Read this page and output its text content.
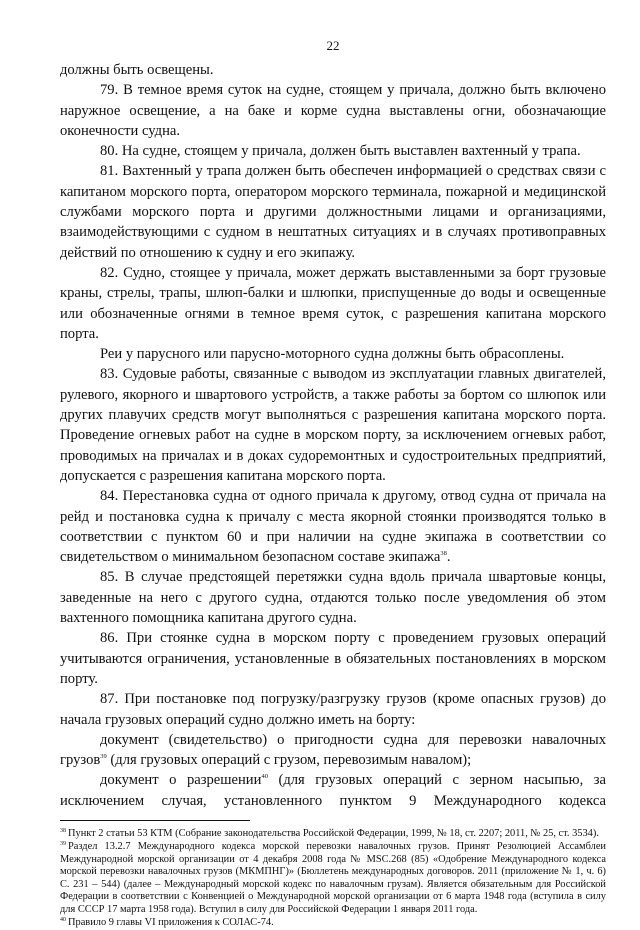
22

должны быть освещены.

79. В темное время суток на судне, стоящем у причала, должно быть включено наружное освещение, а на баке и корме судна выставлены огни, обозначающие оконечности судна.

80. На судне, стоящем у причала, должен быть выставлен вахтенный у трапа.

81. Вахтенный у трапа должен быть обеспечен информацией о средствах связи с капитаном морского порта, оператором морского терминала, пожарной и медицинской службами морского порта и другими должностными лицами и организациями, взаимодействующими с судном в нештатных ситуациях и в случаях противоправных действий по отношению к судну и его экипажу.

82. Судно, стоящее у причала, может держать выставленными за борт грузовые краны, стрелы, трапы, шлюп-балки и шлюпки, приспущенные до воды и освещенные или обозначенные огнями в темное время суток, с разрешения капитана морского порта.

Реи у парусного или парусно-моторного судна должны быть обрасоплены.

83. Судовые работы, связанные с выводом из эксплуатации главных двигателей, рулевого, якорного и швартового устройств, а также работы за бортом со шлюпок или других плавучих средств могут выполняться с разрешения капитана морского порта. Проведение огневых работ на судне в морском порту, за исключением огневых работ, проводимых на причалах и в доках судоремонтных и судостроительных предприятий, допускается с разрешения капитана морского порта.

84. Перестановка судна от одного причала к другому, отвод судна от причала на рейд и постановка судна к причалу с места якорной стоянки производятся только в соответствии с пунктом 60 и при наличии на судне экипажа в соответствии со свидетельством о минимальном безопасном составе экипажа$^{38}$.

85. В случае предстоящей перетяжки судна вдоль причала швартовые концы, заведенные на него с другого судна, отдаются только после уведомления об этом вахтенного помощника капитана другого судна.

86. При стоянке судна в морском порту с проведением грузовых операций учитываются ограничения, установленные в обязательных постановлениях в морском порту.

87. При постановке под погрузку/разгрузку грузов (кроме опасных грузов) до начала грузовых операций судно должно иметь на борту:

документ (свидетельство) о пригодности судна для перевозки навалочных грузов$^{39}$ (для грузовых операций с грузом, перевозимым навалом);

документ о разрешении$^{40}$ (для грузовых операций с зерном насыпью, за исключением случая, установленного пунктом 9 Международного кодекса

$^{38}$ Пункт 2 статьи 53 КТМ (Собрание законодательства Российской Федерации, 1999, № 18, ст. 2207; 2011, № 25, ст. 3534).

$^{39}$ Раздел 13.2.7 Международного кодекса морской перевозки навалочных грузов. Принят Резолюцией Ассамблеи Международной морской организации от 4 декабря 2008 года № MSC.268 (85) «Одобрение Международного кодекса морской перевозки навалочных грузов (МКМПНГ)» (Бюллетень международных договоров. 2011 (приложение № 1, ч. 6) С. 231 – 544) (далее – Международный морской кодекс по навалочным грузам). Является обязательным для Российской Федерации в соответствии с Конвенцией о Международной морской организации от 6 марта 1948 года (вступила в силу для СССР 17 марта 1958 года). Вступил в силу для Российской Федерации 1 января 2011 года.

$^{40}$ Правило 9 главы VI приложения к СОЛАС-74.
